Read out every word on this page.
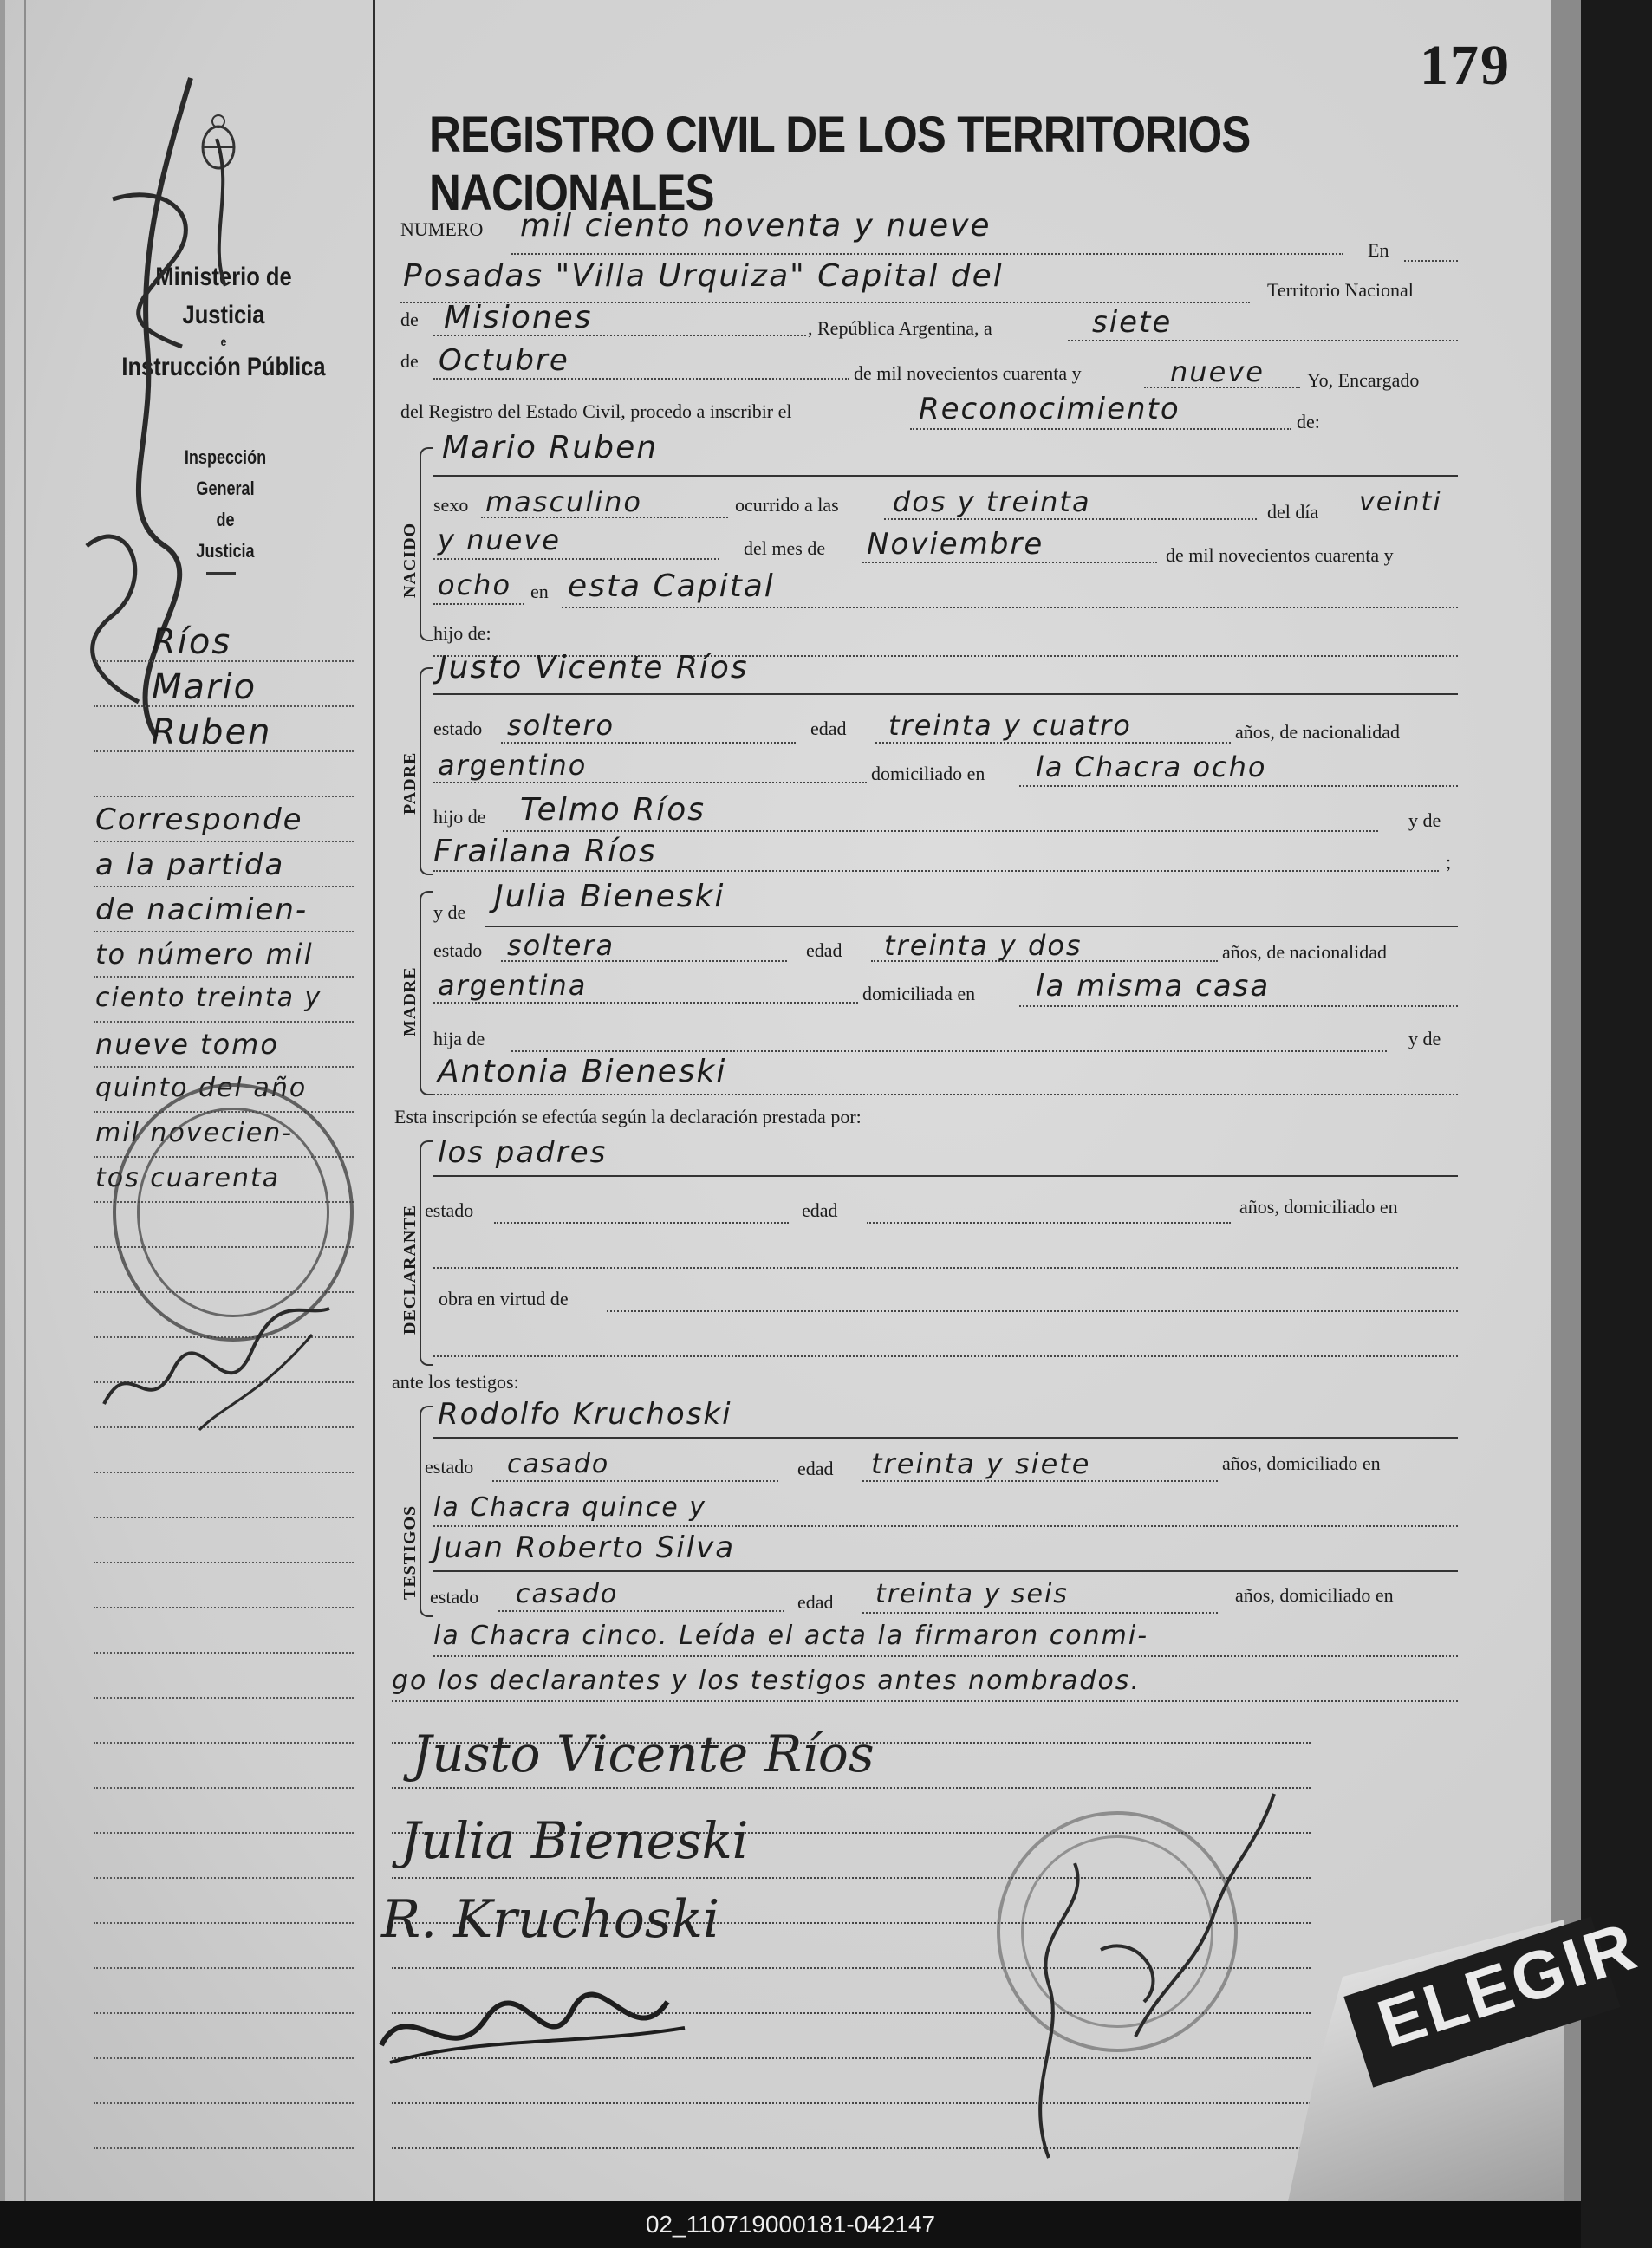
179
REGISTRO CIVIL DE LOS TERRITORIOS NACIONALES
Ministerio de Justicia
e
Instrucción Pública
Inspección General
de
Justicia
Ríos
Mario
Ruben
Corresponde
a la partida
de nacimien-
to número mil
ciento treinta y
nueve tomo
quinto del año
mil novecien-
tos cuarenta
NUMERO mil ciento noventa y nueve
En
Posadas "Villa Urquiza" Capital del	Territorio Nacional
de Misiones	, República Argentina, a	siete
de Octubre	de mil novecientos cuarenta y	nueve Yo, Encargado
del Registro del Estado Civil, procedo a inscribir el	Reconocimiento	de:
NACIDO
Mario Ruben
sexo masculino	ocurrido a las dos y treinta	del día veinti
y nueve	del mes de Noviembre	de mil novecientos cuarenta y
ocho en esta Capital
hijo de:
PADRE
Justo Vicente Ríos
estado soltero	edad treinta y cuatro	años, de nacionalidad
argentino	domiciliado en la Chacra ocho
hijo de Telmo Ríos	y de
Frailana Ríos	;
MADRE
y de Julia Bieneski
estado soltera	edad treinta y dos	años, de nacionalidad
argentina	domiciliada en la misma casa
hija de	y de
Antonia Bieneski
Esta inscripción se efectúa según la declaración prestada por:
DECLARANTE
los padres
estado	edad	años, domiciliado en
obra en virtud de
ante los testigos:
TESTIGOS
Rodolfo Kruchoski
estado casado	edad treinta y siete	años, domiciliado en
la Chacra quince y
Juan Roberto Silva
estado casado	edad treinta y seis	años, domiciliado en
la Chacra cinco. Leída el acta la firmaron conmi-
go los declarantes y los testigos antes nombrados.
Justo Vicente Ríos
Julia Bieneski
R. Kruchoski	ELEGIR
02_110719000181-042147
